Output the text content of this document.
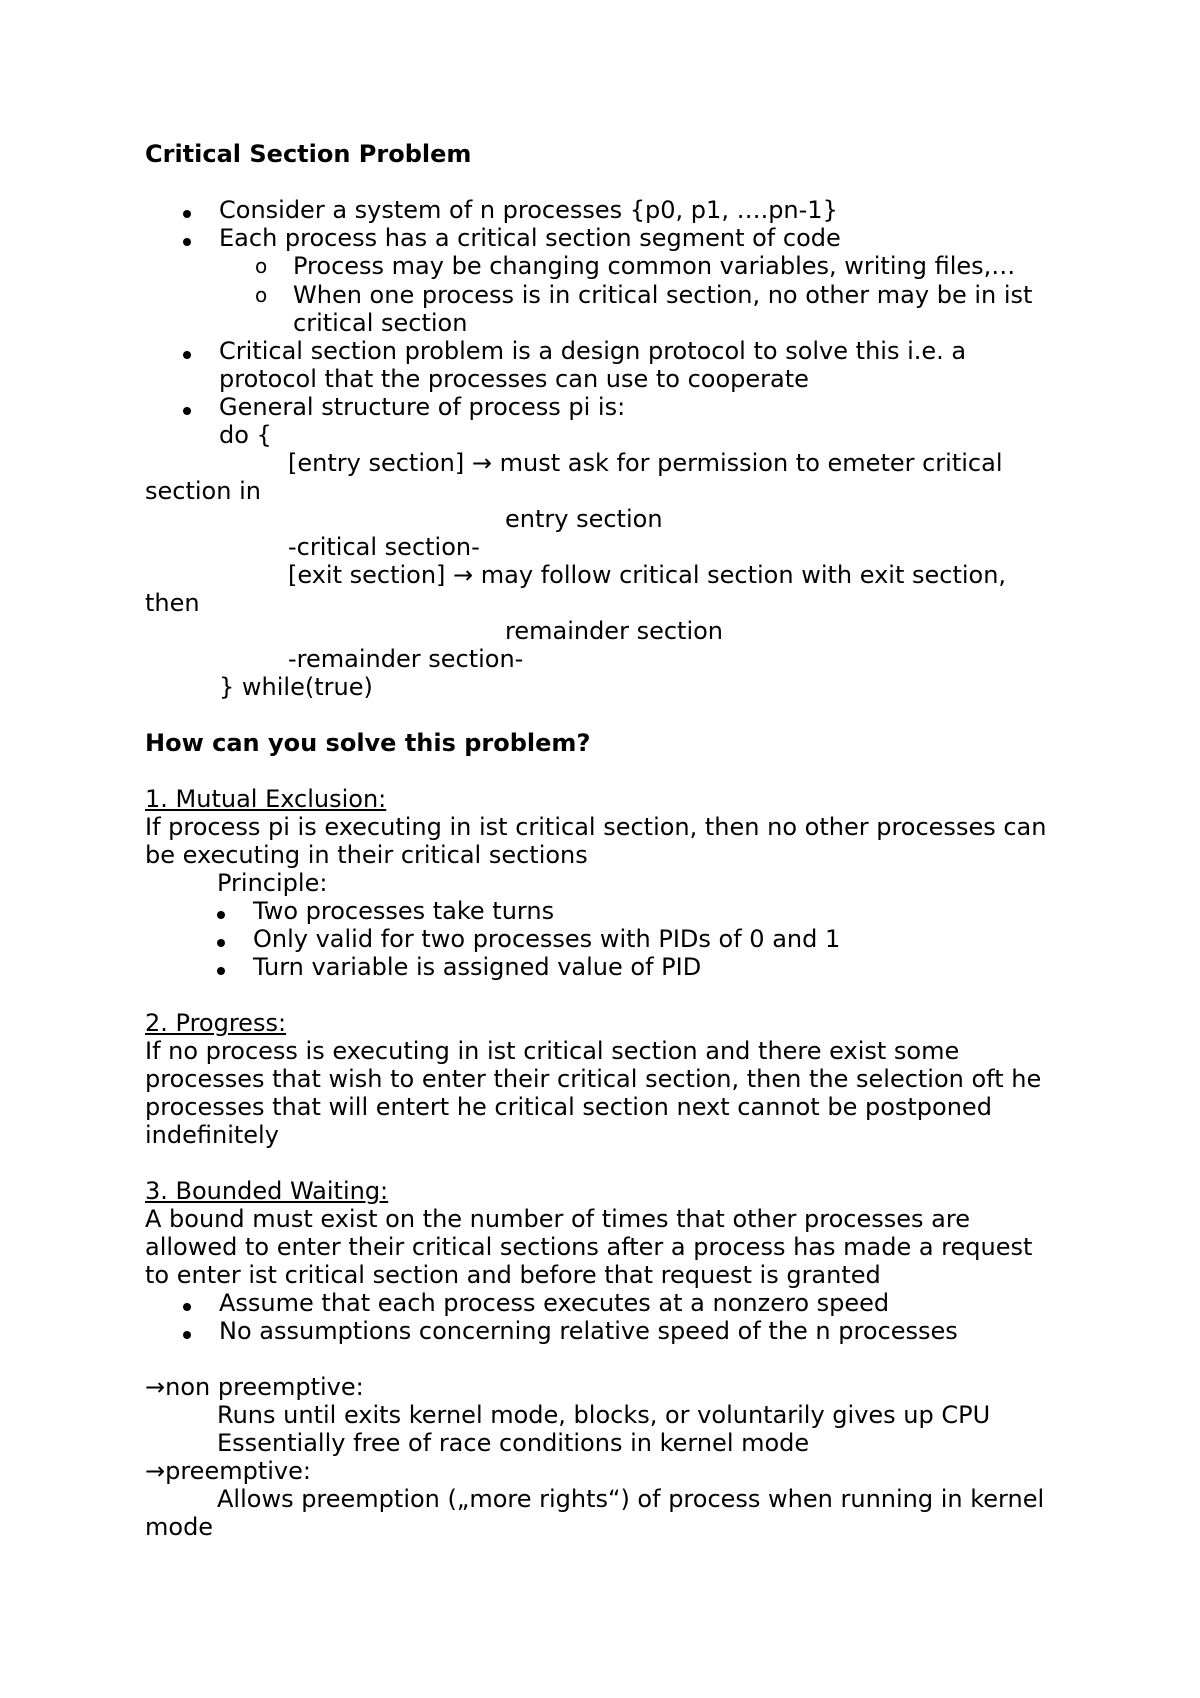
Critical Section Problem
Consider a system of n processes {p0, p1, ….pn-1}
Each process has a critical section segment of code
o Process may be changing common variables, writing files,…
o When one process is in critical section, no other may be in ist
critical section
Critical section problem is a design protocol to solve this i.e. a
protocol that the processes can use to cooperate
General structure of process pi is:
do {
[entry section] → must ask for permission to emeter critical
section in
entry section
-critical section-
[exit section] → may follow critical section with exit section,
then
remainder section
-remainder section-
} while(true)
How can you solve this problem?
1. Mutual Exclusion:
If process pi is executing in ist critical section, then no other processes can
be executing in their critical sections
Principle:
Two processes take turns
Only valid for two processes with PIDs of 0 and 1
Turn variable is assigned value of PID
2. Progress:
If no process is executing in ist critical section and there exist some
processes that wish to enter their critical section, then the selection oft he
processes that will entert he critical section next cannot be postponed
indefinitely
3. Bounded Waiting:
A bound must exist on the number of times that other processes are
allowed to enter their critical sections after a process has made a request
to enter ist critical section and before that request is granted
Assume that each process executes at a nonzero speed
No assumptions concerning relative speed of the n processes
→non preemptive:
Runs until exits kernel mode, blocks, or voluntarily gives up CPU
Essentially free of race conditions in kernel mode
→preemptive:
Allows preemption („more rights“) of process when running in kernel
mode
